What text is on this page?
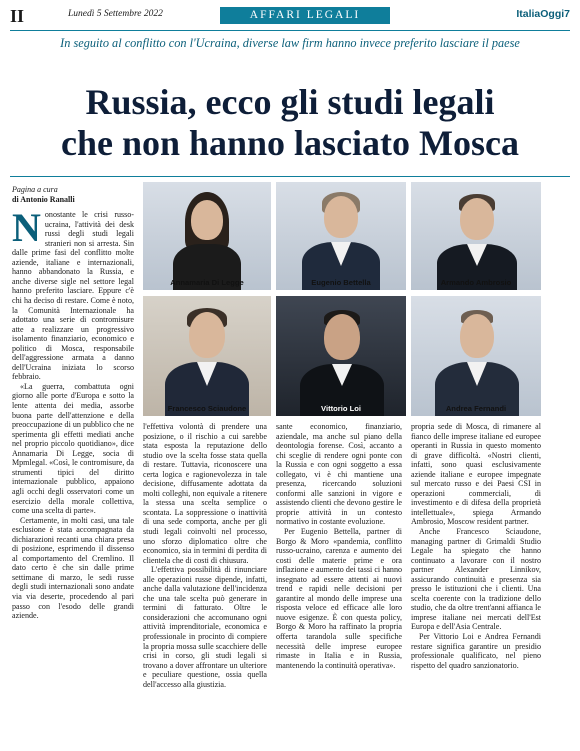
II	Lunedì 5 Settembre 2022	AFFARI LEGALI	ItaliaOggi7
In seguito al conflitto con l'Ucraina, diverse law firm hanno invece preferito lasciare il paese
Russia, ecco gli studi legali
che non hanno lasciato Mosca
Pagina a cura
di Antonio Ranalli
N onostante le crisi russo-ucraina, l'attività dei desk russi degli studi legali stranieri non si arresta. Sin dalle prime fasi del conflitto molte aziende, italiane e internazionali, hanno abbandonato la Russia, e anche diverse sigle nel settore legal hanno preferito lasciare. Eppure c'è chi ha deciso di restare. Come è noto, la Comunità Internazionale ha adottato una serie di contromisure atte a realizzare un progressivo isolamento finanziario, economico e politico di Mosca, responsabile dell'aggressione armata a danno dell'Ucraina iniziata lo scorso febbraio.

«La guerra, combattuta ogni giorno alle porte d'Europa e sotto la lente attenta dei media, assorbe buona parte dell'attenzione e della preoccupazione di un pubblico che ne sperimenta gli effetti mediati anche nel proprio piccolo quotidiano», dice Annamaria Di Legge, socia di Mpmlegal. «Così, le contromisure, da strumenti tipici del diritto internazionale pubblico, appaiono agli occhi degli osservatori come un esercizio della morale collettiva, come una scelta di parte».

Certamente, in molti casi, una tale esclusione è stata accompagnata da dichiarazioni recanti una chiara presa di posizione, esprimendo il dissenso al comportamento del Cremlino. Il dato certo è che sin dalle prime settimane di marzo, le sedi russe degli studi internazionali sono andate via via deserte, procedendo al pari passo con l'esodo delle grandi aziende.

Annamaria Di Legge	Eugenio Bettella	Armando Ambrosio
Francesco Sciaudone	Vittorio Loi	Andrea Fernandi

l'effettiva volontà di prendere una posizione, o il rischio a cui sarebbe stata esposta la reputazione dello studio ove la scelta fosse stata quella di restare. Tuttavia, riconoscere una certa logica e ragionevolezza in tale decisione, diffusamente adottata da molti colleghi, non equivale a ritenere la stessa una scelta semplice o scontata. La soppressione o inattività di una sede comporta, anche per gli studi legali coinvolti nel processo, uno sforzo diplomatico oltre che economico, sia in termini di perdita di clientela che di costi di chiusura.

L'effettiva possibilità di rinunciare alle operazioni russe dipende, infatti, anche dalla valutazione dell'incidenza che una tale scelta può generare in termini di fatturato. Oltre le considerazioni che accomunano ogni attività imprenditoriale, economica e professionale in procinto di compiere la propria mossa sulle scacchiere delle crisi in corso, gli studi legali si trovano a dover affrontare un ulteriore e peculiare questione, ossia quella dell'accesso alla giustizia.

sante economico, finanziario, aziendale, ma anche sul piano della deontologia forense. Così, accanto a chi sceglie di rendere ogni ponte con la Russia e con ogni soggetto a essa collegato, vi è chi mantiene una presenza, ricercando soluzioni conformi alle sanzioni in vigore e assistendo clienti che devono gestire le proprie attività in un contesto normativo in costante evoluzione.

Per Eugenio Bettella, partner di Borgo & Moro «pandemia, conflitto russo-ucraino, carenza e aumento dei costi delle materie prime e ora inflazione e aumento dei tassi ci hanno insegnato ad essere attenti ai nuovi trend e rapidi nelle decisioni per garantire al mondo delle imprese una risposta veloce ed efficace alle loro nuove esigenze. È con questa policy, Borgo & Moro ha raffinato la propria offerta tarandola sulle specifiche necessità delle imprese europee rimaste in Italia e in Russia, mantenendo la continuità operativa».

propria sede di Mosca, di rimanere al fianco delle imprese italiane ed europee operanti in Russia in questo momento di grave difficoltà. «Nostri clienti, infatti, sono quasi esclusivamente aziende italiane e europee impegnate sul mercato russo e dei Paesi CSI in operazioni commerciali, di investimento e di difesa della proprietà intellettuale», spiega Armando Ambrosio, Moscow resident partner.

Anche Francesco Sciaudone, managing partner di Grimaldi Studio Legale ha spiegato che hanno continuato a lavorare con il nostro partner Alexander Linnikov, assicurando continuità e presenza sia presso le istituzioni che i clienti. Una scelta coerente con la tradizione dello studio, che da oltre trent'anni affianca le imprese italiane nei mercati dell'Est Europa e dell'Asia Centrale.

Per Vittorio Loi e Andrea Fernandi restare significa garantire un presidio professionale qualificato, nel pieno rispetto del quadro sanzionatorio.
